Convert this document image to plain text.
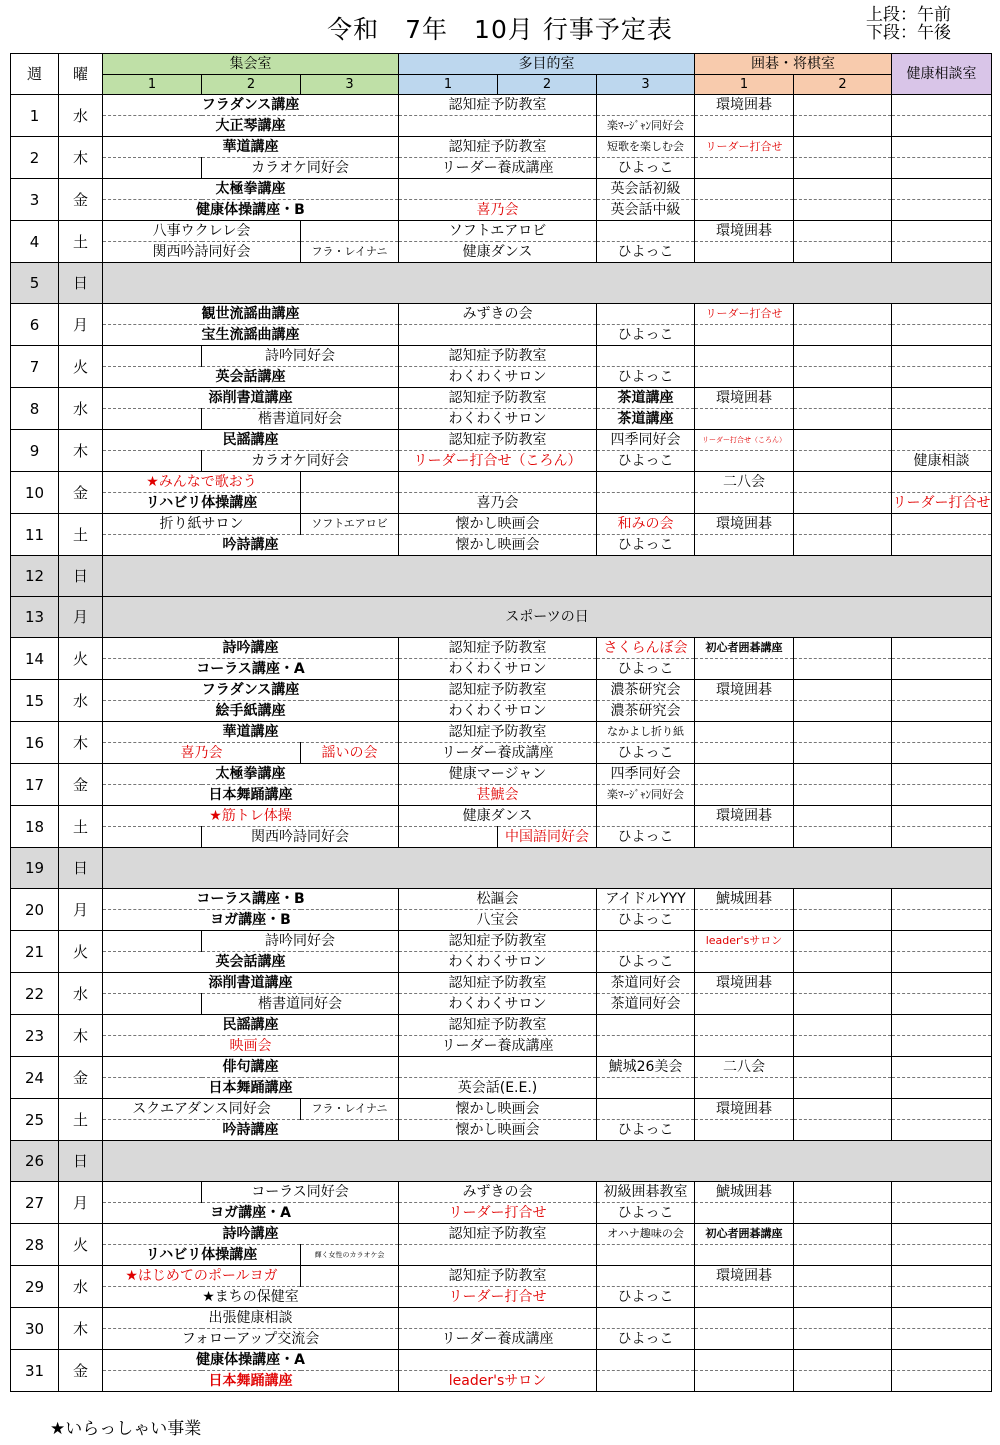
令和　7年　10月 行事予定表	上段：午前
下段：午後
週	曜	集会室			多目的室			囲碁・将棋室		健康相談室
		1	2	3	1	2	3	1	2	
1	水	フラダンス講座			認知症予防教室			環境囲碁		
		大正琴講座					楽ﾏｰｼﾞｬﾝ同好会			
2	木	華道講座			認知症予防教室		短歌を楽しむ会	リーダー打合せ		
			カラオケ同好会		リーダー養成講座		ひよっこ			
3	金	太極拳講座					英会話初級			
		健康体操講座・B			喜乃会		英会話中級			
4	土	八事ウクレレ会			ソフトエアロビ			環境囲碁		
		関西吟詩同好会		フラ・レイナニ	健康ダンス		ひよっこ			
5	日									
6	月	観世流謡曲講座			みずきの会			リーダー打合せ		
		宝生流謡曲講座					ひよっこ			
7	火		詩吟同好会		認知症予防教室					
		英会話講座			わくわくサロン		ひよっこ			
8	水	添削書道講座			認知症予防教室		茶道講座	環境囲碁		
			楷書道同好会		わくわくサロン		茶道講座			
9	木	民謡講座			認知症予防教室		四季同好会	リーダー打合せ（ころん）		
			カラオケ同好会		リーダー打合せ（ころん）		ひよっこ			健康相談
10	金	★みんなで歌おう						二八会		
		リハビリ体操講座			喜乃会					リーダー打合せ
11	土	折り紙サロン		ソフトエアロビ	懐かし映画会		和みの会	環境囲碁		
		吟詩講座			懐かし映画会		ひよっこ			
12	日									
13	月	スポーツの日								
14	火	詩吟講座			認知症予防教室		さくらんぼ会	初心者囲碁講座		
		コーラス講座・A			わくわくサロン		ひよっこ			
15	水	フラダンス講座			認知症予防教室		濃茶研究会	環境囲碁		
		絵手紙講座			わくわくサロン		濃茶研究会			
16	木	華道講座			認知症予防教室		なかよし折り紙			
		喜乃会		謡いの会	リーダー養成講座		ひよっこ			
17	金	太極拳講座			健康マージャン		四季同好会			
		日本舞踊講座			甚鯱会		楽ﾏｰｼﾞｬﾝ同好会			
18	土	★筋トレ体操			健康ダンス			環境囲碁		
			関西吟詩同好会			中国語同好会	ひよっこ			
19	日									
20	月	コーラス講座・B			松謳会		アイドルYYY	鯱城囲碁		
		ヨガ講座・B			八宝会		ひよっこ			
21	火		詩吟同好会		認知症予防教室			leader'sサロン		
		英会話講座			わくわくサロン		ひよっこ			
22	水	添削書道講座			認知症予防教室		茶道同好会	環境囲碁		
			楷書道同好会		わくわくサロン		茶道同好会			
23	木	民謡講座			認知症予防教室					
		映画会			リーダー養成講座					
24	金	俳句講座					鯱城26美会	二八会		
		日本舞踊講座			英会話(E.E.)					
25	土	スクエアダンス同好会		フラ・レイナニ	懐かし映画会			環境囲碁		
		吟詩講座			懐かし映画会		ひよっこ			
26	日									
27	月		コーラス同好会		みずきの会		初級囲碁教室	鯱城囲碁		
		ヨガ講座・A			リーダー打合せ		ひよっこ			
28	火	詩吟講座			認知症予防教室		オハナ趣味の会	初心者囲碁講座		
		リハビリ体操講座		輝く女性のカラオケ会						
29	水	★はじめてのポールヨガ			認知症予防教室			環境囲碁		
		★まちの保健室			リーダー打合せ		ひよっこ			
30	木	出張健康相談								
		フォローアップ交流会			リーダー養成講座		ひよっこ			
31	金	健康体操講座・A								
		日本舞踊講座			leader'sサロン					
★いらっしゃい事業
